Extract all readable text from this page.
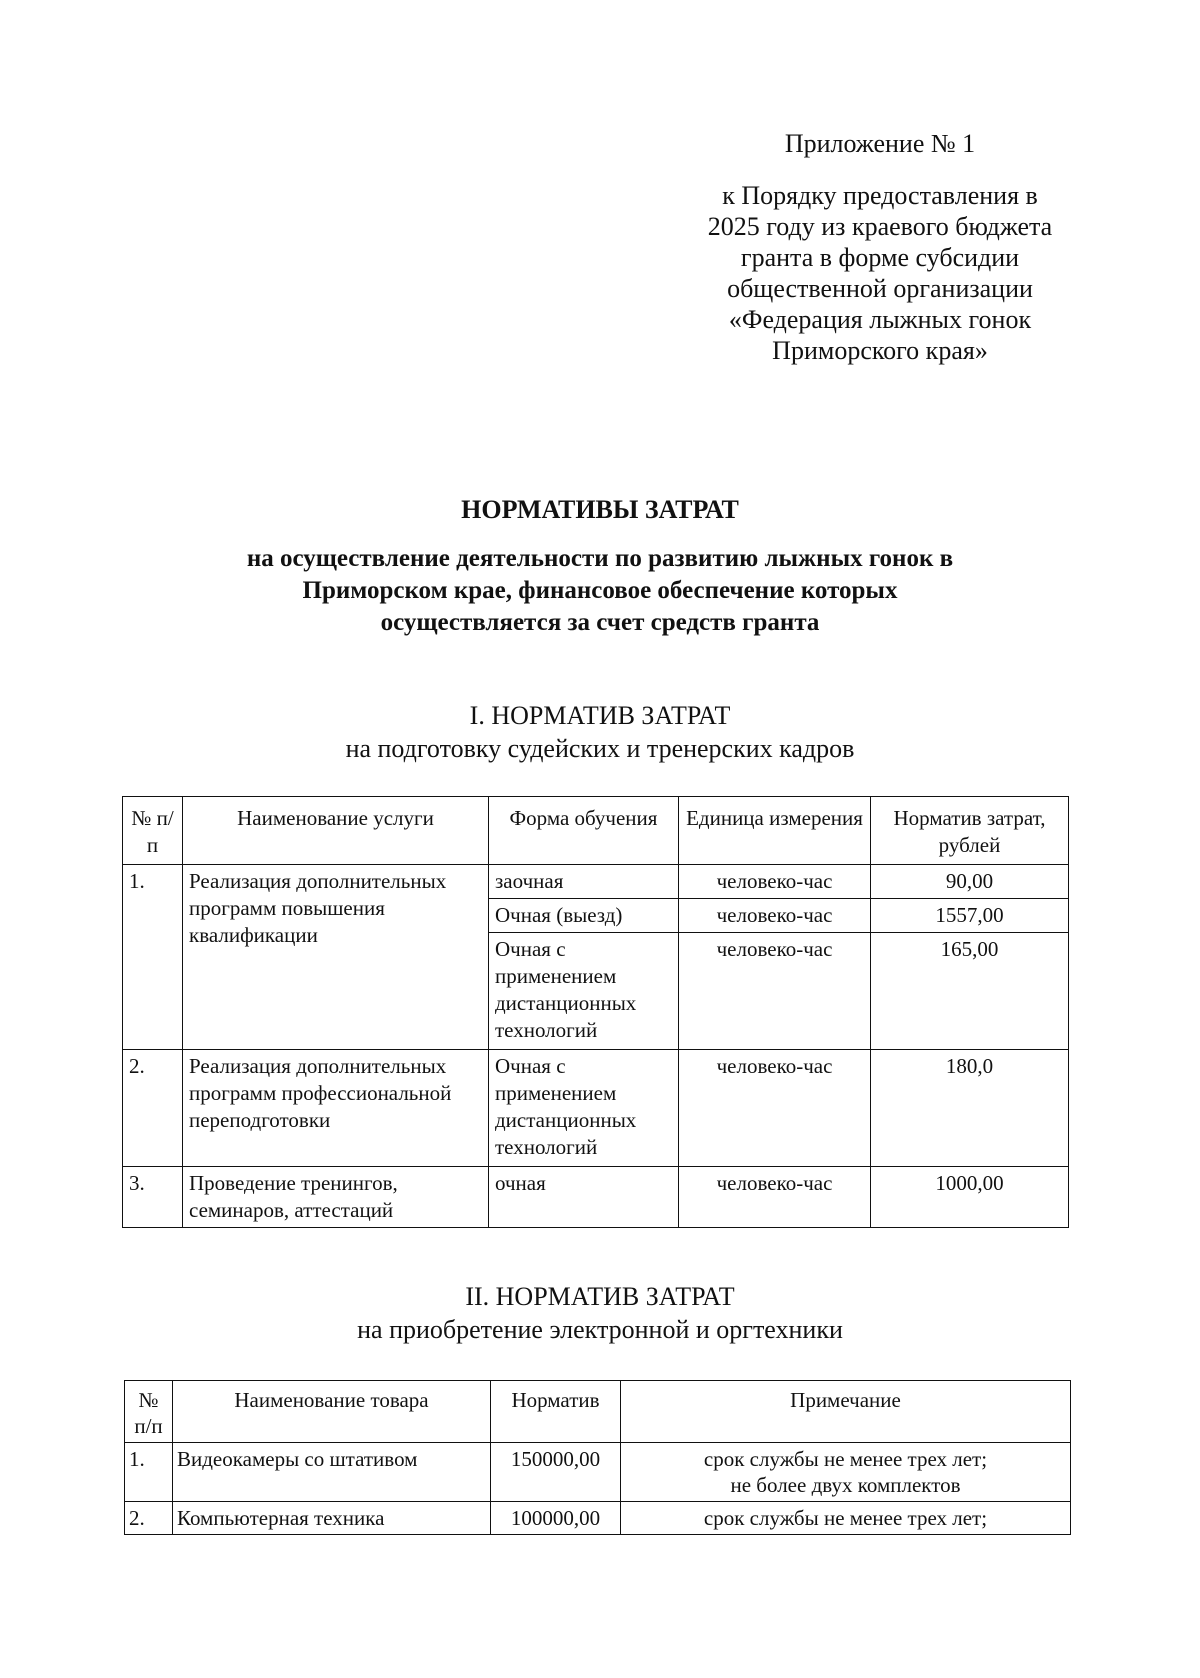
Приложение № 1
к Порядку предоставления в
2025 году из краевого бюджета
гранта в форме субсидии
общественной организации
«Федерация лыжных гонок
Приморского края»
НОРМАТИВЫ ЗАТРАТ
на осуществление деятельности по развитию лыжных гонок в
Приморском крае, финансовое обеспечение которых
осуществляется за счет средств гранта
I. НОРМАТИВ ЗАТРАТ
на подготовку судейских и тренерских кадров
№ п/п	Наименование услуги	Форма обучения	Единица измерения	Норматив затрат, рублей
1.	Реализация дополнительных программ повышения квалификации	заочная	человеко-час	90,00
		Очная (выезд)	человеко-час	1557,00
		Очная с применением дистанционных технологий	человеко-час	165,00
2.	Реализация дополнительных программ профессиональной переподготовки	Очная с применением дистанционных технологий	человеко-час	180,0
3.	Проведение тренингов, семинаров, аттестаций	очная	человеко-час	1000,00
II. НОРМАТИВ ЗАТРАТ
на приобретение электронной и оргтехники
№ п/п	Наименование товара	Норматив	Примечание
1.	Видеокамеры со штативом	150000,00	срок службы не менее трех лет;
не более двух комплектов

2.	Компьютерная техника	100000,00	срок службы не менее трех лет;
